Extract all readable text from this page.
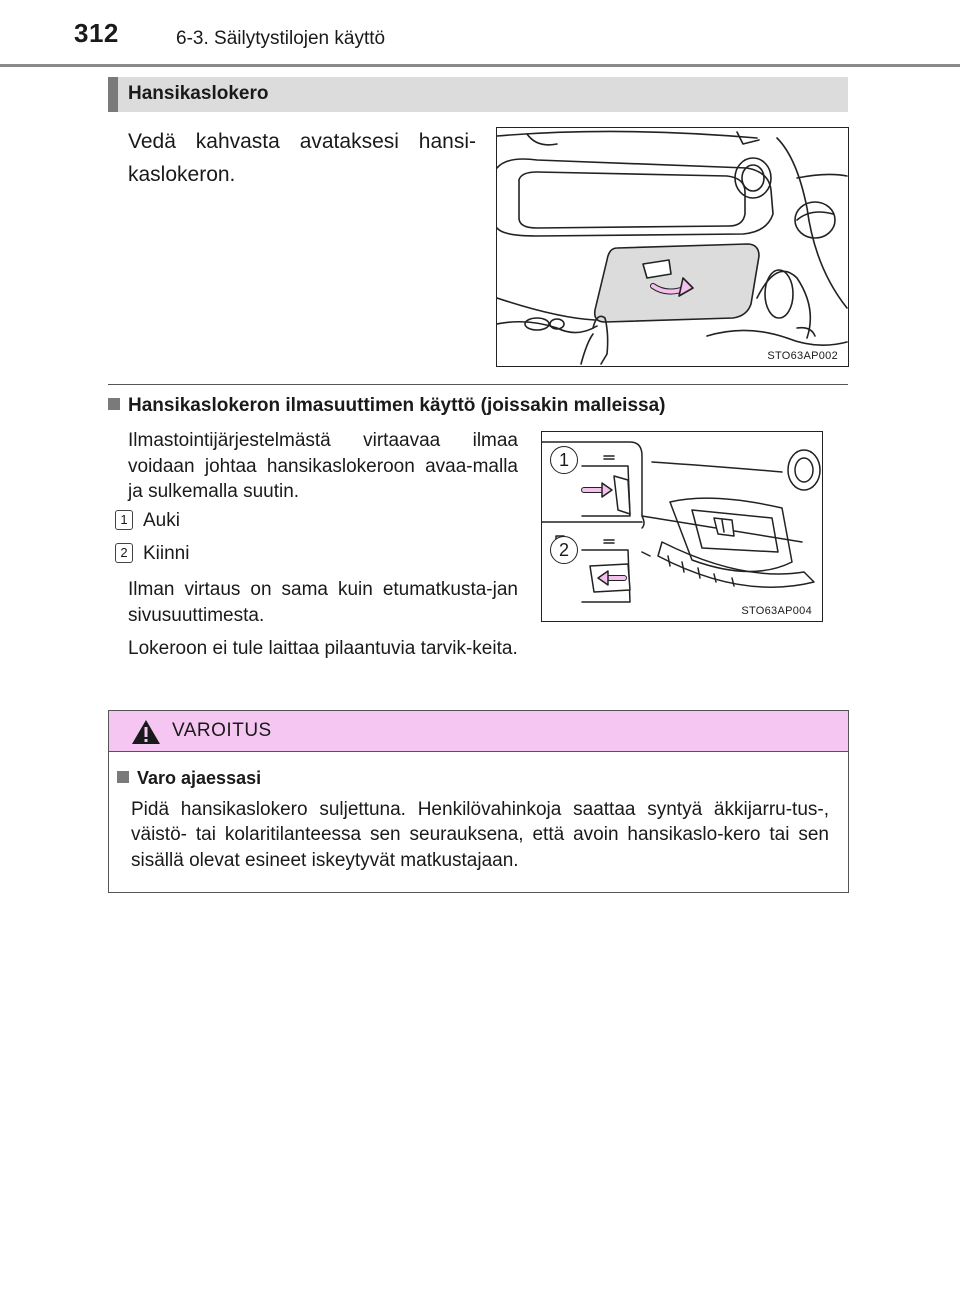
312	6-3. Säilytystilojen käyttö
Hansikaslokero
Vedä kahvasta avataksesi hansi-kaslokeron.
STO63AP002
Hansikaslokeron ilmasuuttimen käyttö (joissakin malleissa)
Ilmastointijärjestelmästä virtaavaa ilmaa voidaan johtaa hansikaslokeroon avaa-malla ja sulkemalla suutin.
1 Auki
2 Kiinni
Ilman virtaus on sama kuin etumatkusta-jan sivusuuttimesta.
Lokeroon ei tule laittaa pilaantuvia tarvik-keita.
1
2
STO63AP004
VAROITUS
Varo ajaessasi
Pidä hansikaslokero suljettuna. Henkilövahinkoja saattaa syntyä äkkijarru-tus-, väistö- tai kolaritilanteessa sen seurauksena, että avoin hansikaslo-kero tai sen sisällä olevat esineet iskeytyvät matkustajaan.
